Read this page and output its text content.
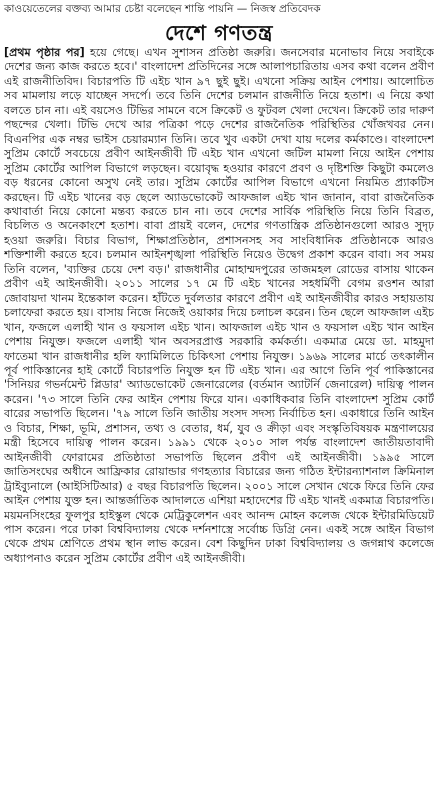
কাওয়েতেলের বক্তব্য আমার চেষ্টা বলেছেন শান্তি পায়নি — নিজস্ব প্রতিবেদক
দেশে গণতন্ত্র
[প্রথম পৃষ্ঠার পর] হয়ে গেছে। এখন সুশাসন প্রতিষ্ঠা জরুরি। জনসেবার মনোভাব নিয়ে সবাইকে দেশের জন্য কাজ করতে হবে।' বাংলাদেশ প্রতিদিনের সঙ্গে আলাপচারিতায় এসব কথা বলেন প্রবীণ এই রাজনীতিবিদ। বিচারপতি টি এইচ খান ৯৭ ছুই ছুই। এখনো সক্রিয় আইন পেশায়। আলোচিত সব মামলায় লড়ে যাচ্ছেন সদর্পে। তবে তিনি দেশের চলমান রাজনীতি নিয়ে হতাশ। এ নিয়ে কথা বলতে চান না। এই বয়সেও টিভির সামনে বসে ক্রিকেট ও ফুটবল খেলা দেখেন। ক্রিকেট তার দারুণ পছন্দের খেলা। টিভি দেখে আর পত্রিকা পড়ে দেশের রাজনৈতিক পরিস্থিতির খোঁজখবর নেন। বিএনপির এক নম্বর ভাইস চেয়ারম্যান তিনি। তবে খুব একটা দেখা যায় দলের কর্মকাণ্ডে। বাংলাদেশ সুপ্রিম কোর্টে সবচেয়ে প্রবীণ আইনজীবী টি এইচ খান এখনো জটিল মামলা নিয়ে আইন পেশায় সুপ্রিম কোর্টের আপিল বিভাগে লড়ছেন। বয়োবৃদ্ধ হওয়ার কারণে প্রবণ ও দৃষ্টিশক্তি কিছুটা কমলেও বড় ধরনের কোনো অসুখ নেই তার। সুপ্রিম কোর্টের আপিল বিভাগে এখনো নিয়মিত প্র্যাকটিস করছেন। টি এইচ খানের বড় ছেলে অ্যাডভোকেট আফজাল এইচ খান জানান, বাবা রাজনৈতিক কথাবার্তা নিয়ে কোনো মন্তব্য করতে চান না। তবে দেশের সার্বিক পরিস্থিতি নিয়ে তিনি বিব্রত, বিচলিত ও অনেকাংশে হতাশ। বাবা প্রায়ই বলেন, দেশের গণতান্ত্রিক প্রতিষ্ঠানগুলো আরও সুদৃঢ় হওয়া জরুরি। বিচার বিভাগ, শিক্ষাপ্রতিষ্ঠান, প্রশাসনসহ সব সাংবিধানিক প্রতিষ্ঠানকে আরও শক্তিশালী করতে হবে। চলমান আইনশৃঙ্খলা পরিস্থিতি নিয়েও উদ্বেগ প্রকাশ করেন বাবা। সব সময় তিনি বলেন, 'ব্যক্তির চেয়ে দেশ বড়।' রাজধানীর মোহাম্মদপুরের তাজমহল রোডের বাসায় থাকেন প্রবীণ এই আইনজীবী। ২০১১ সালের ১৭ মে টি এইচ খানের সহধর্মিণী বেগম রওশন আরা জোবায়দা খানম ইন্তেকাল করেন। হাঁটতে দুর্বলতার কারণে প্রবীণ এই আইনজীবীর কারও সহায়তায় চলাফেরা করতে হয়। বাসায় নিজে নিজেই ওয়াকার দিয়ে চলাচল করেন। তিন ছেলে আফজাল এইচ খান, ফজলে এলাহী খান ও ফয়সাল এইচ খান। আফজাল এইচ খান ও ফয়সাল এইচ খান আইন পেশায় নিযুক্ত। ফজলে এলাহী খান অবসরপ্রাপ্ত সরকারি কর্মকর্তা। একমাত্র মেয়ে ডা. মাহমুদা ফাতেমা খান রাজধানীর হলি ফ্যামিলিতে চিকিৎসা পেশায় নিযুক্ত। ১৯৬৯ সালের মার্চে তৎকালীন পূর্ব পাকিস্তানের হাই কোর্টে বিচারপতি নিযুক্ত হন টি এইচ খান। এর আগে তিনি পূর্ব পাকিস্তানের 'সিনিয়র গভর্নমেন্ট প্লিডার' অ্যাডভোকেট জেনারেলের (বর্তমান অ্যাটর্নি জেনারেল) দায়িত্ব পালন করেন। '৭৩ সালে তিনি ফের আইন পেশায় ফিরে যান। একাধিকবার তিনি বাংলাদেশ সুপ্রিম কোর্ট বারের সভাপতি ছিলেন। '৭৯ সালে তিনি জাতীয় সংসদ সদস্য নির্বাচিত হন। একাধারে তিনি আইন ও বিচার, শিক্ষা, ভূমি, প্রশাসন, তথ্য ও বেতার, ধর্ম, যুব ও ক্রীড়া এবং সংস্কৃতিবিষয়ক মন্ত্রণালয়ের মন্ত্রী হিসেবে দায়িত্ব পালন করেন। ১৯৯১ থেকে ২০১০ সাল পর্যন্ত বাংলাদেশ জাতীয়তাবাদী আইনজীবী ফোরামের প্রতিষ্ঠাতা সভাপতি ছিলেন প্রবীণ এই আইনজীবী। ১৯৯৫ সালে জাতিসংঘের অধীনে আফ্রিকার রোয়ান্ডার গণহত্যার বিচারের জন্য গঠিত ইন্টারন্যাশনাল ক্রিমিনাল ট্রাইব্যুনালে (আইসিটিআর) ৫ বছর বিচারপতি ছিলেন। ২০০১ সালে সেখান থেকে ফিরে তিনি ফের আইন পেশায় যুক্ত হন। আন্তর্জাতিক আদালতে এশিয়া মহাদেশের টি এইচ খানই একমাত্র বিচারপতি। ময়মনসিংহের ফুলপুর হাইস্কুল থেকে মেট্রিকুলেশন এবং আনন্দ মোহন কলেজ থেকে ইন্টারমিডিয়েট পাস করেন। পরে ঢাকা বিশ্ববিদ্যালয় থেকে দর্শনশাস্ত্রে সর্বোচ্চ ডিগ্রি নেন। একই সঙ্গে আইন বিভাগ থেকে প্রথম শ্রেণিতে প্রথম স্থান লাভ করেন। বেশ কিছুদিন ঢাকা বিশ্ববিদ্যালয় ও জগন্নাথ কলেজে অধ্যাপনাও করেন সুপ্রিম কোর্টের প্রবীণ এই আইনজীবী।
